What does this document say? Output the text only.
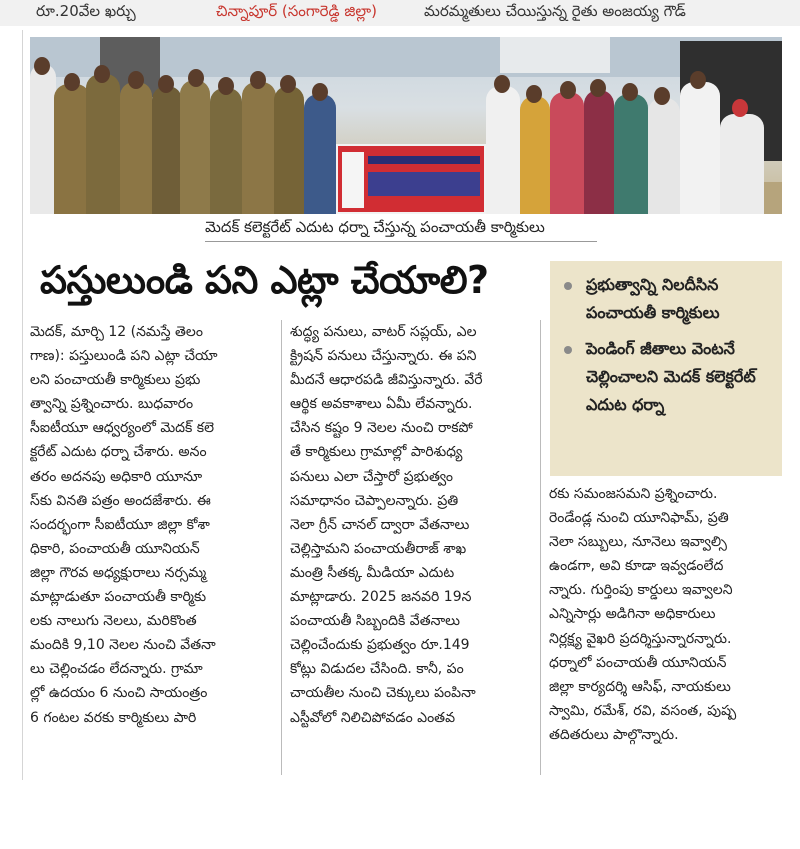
రూ.20వేల ఖర్చు	చిన్నాపూర్ (సంగారెడ్డి జిల్లా)	మరమ్మతులు చేయిస్తున్న రైతు అంజయ్య గౌడ్
మెదక్ కలెక్టరేట్ ఎదుట ధర్నా చేస్తున్న పంచాయతీ కార్మికులు
పస్తులుండి పని ఎట్లా చేయాలి?	ప్రభుత్వాన్ని నిలదీసిన పంచాయతీ కార్మికులు
పెండింగ్ జీతాలు వెంటనే చెల్లించాలని మెదక్ కలెక్టరేట్ ఎదుట ధర్నా
మెదక్, మార్చి 12 (నమస్తే తెలం
గాణ): పస్తులుండి పని ఎట్లా చేయా
లని పంచాయతీ కార్మికులు ప్రభు
త్వాన్ని ప్రశ్నించారు. బుధవారం
సీఐటీయూ ఆధ్వర్యంలో మెదక్ కలె
క్టరేట్ ఎదుట ధర్నా చేశారు. అనం
తరం అదనపు అధికారి యూనూ
స్‌కు వినతి పత్రం అందజేశారు. ఈ
సందర్భంగా సీఐటీయూ జిల్లా కోశా
ధికారి, పంచాయతీ యూనియన్
జిల్లా గౌరవ అధ్యక్షురాలు నర్సమ్మ
మాట్లాడుతూ పంచాయతీ కార్మికు
లకు నాలుగు నెలలు, మరికొంత
మందికి 9,10 నెలల నుంచి వేతనా
లు చెల్లించడం లేదన్నారు. గ్రామా
ల్లో ఉదయం 6 నుంచి సాయంత్రం
6 గంటల వరకు కార్మికులు పారి
శుద్ధ్య పనులు, వాటర్ సప్లయ్, ఎల
క్ట్రిషన్ పనులు చేస్తున్నారు. ఈ పని
మీదనే ఆధారపడి జీవిస్తున్నారు. వేరే
ఆర్థిక అవకాశాలు ఏమీ లేవన్నారు.
చేసిన కష్టం 9 నెలల నుంచి రాకపో
తే కార్మికులు గ్రామాల్లో పారిశుధ్య
పనులు ఎలా చేస్తారో ప్రభుత్వం
సమాధానం చెప్పాలన్నారు. ప్రతి
నెలా గ్రీన్ చానల్ ద్వారా వేతనాలు
చెల్లిస్తామని పంచాయతీరాజ్ శాఖ
మంత్రి సీతక్క మీడియా ఎదుట
మాట్లాడారు. 2025 జనవరి 19న
పంచాయతీ సిబ్బందికి వేతనాలు
చెల్లించేందుకు ప్రభుత్వం రూ.149
కోట్లు విడుదల చేసింది. కానీ, పం
చాయతీల నుంచి చెక్కులు పంపినా
ఎస్టీవోలో నిలిచిపోవడం ఎంతవ
రకు సమంజసమని ప్రశ్నించారు.
రెండేండ్ల నుంచి యూనిఫామ్, ప్రతి
నెలా సబ్బులు, నూనెలు ఇవ్వాల్సి
ఉండగా, అవి కూడా ఇవ్వడంలేద
న్నారు. గుర్తింపు కార్డులు ఇవ్వాలని
ఎన్నిసార్లు అడిగినా అధికారులు
నిర్లక్ష్య వైఖరి ప్రదర్శిస్తున్నారన్నారు.
ధర్నాలో పంచాయతీ యూనియన్
జిల్లా కార్యదర్శి ఆసిఫ్, నాయకులు
స్వామి, రమేశ్, రవి, వసంత, పుష్ప
తదితరులు పాల్గొన్నారు.
